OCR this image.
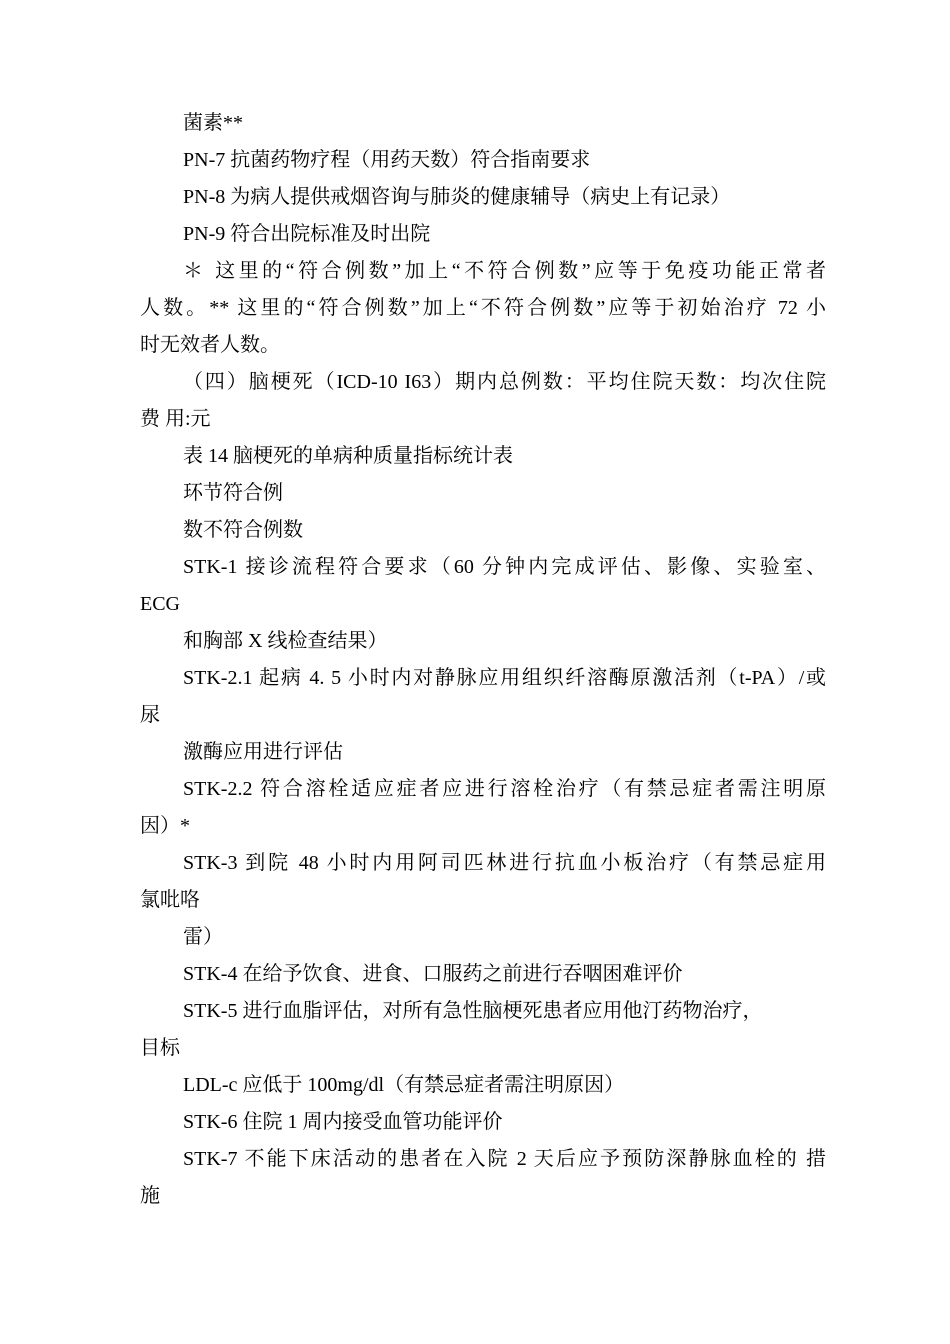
菌素**
PN-7 抗菌药物疗程（用药天数）符合指南要求
PN-8 为病人提供戒烟咨询与肺炎的健康辅导（病史上有记录）
PN-9 符合出院标准及时出院
＊ 这里的“符合例数”加上“不符合例数”应等于免疫功能正常者
人数。** 这里的“符合例数”加上“不符合例数”应等于初始治疗 72 小
时无效者人数。
（四）脑梗死（ICD-10 I63）期内总例数：平均住院天数：均次住院
费 用:元
表 14 脑梗死的单病种质量指标统计表
环节符合例
数不符合例数
STK-1 接诊流程符合要求（60 分钟内完成评估、影像、实验室、
ECG
和胸部 X 线检查结果）
STK-2.1 起病 4. 5 小时内对静脉应用组织纤溶酶原激活剂（t-PA）/或
尿
激酶应用进行评估
STK-2.2 符合溶栓适应症者应进行溶栓治疗（有禁忌症者需注明原
因）*
STK-3 到院 48 小时内用阿司匹林进行抗血小板治疗（有禁忌症用
氯吡咯
雷）
STK-4 在给予饮食、进食、口服药之前进行吞咽困难评价
STK-5 进行血脂评估，对所有急性脑梗死患者应用他汀药物治疗，
目标
LDL-c 应低于 100mg/dl（有禁忌症者需注明原因）
STK-6 住院 1 周内接受血管功能评价
STK-7 不能下床活动的患者在入院 2 天后应予预防深静脉血栓的 措
施
